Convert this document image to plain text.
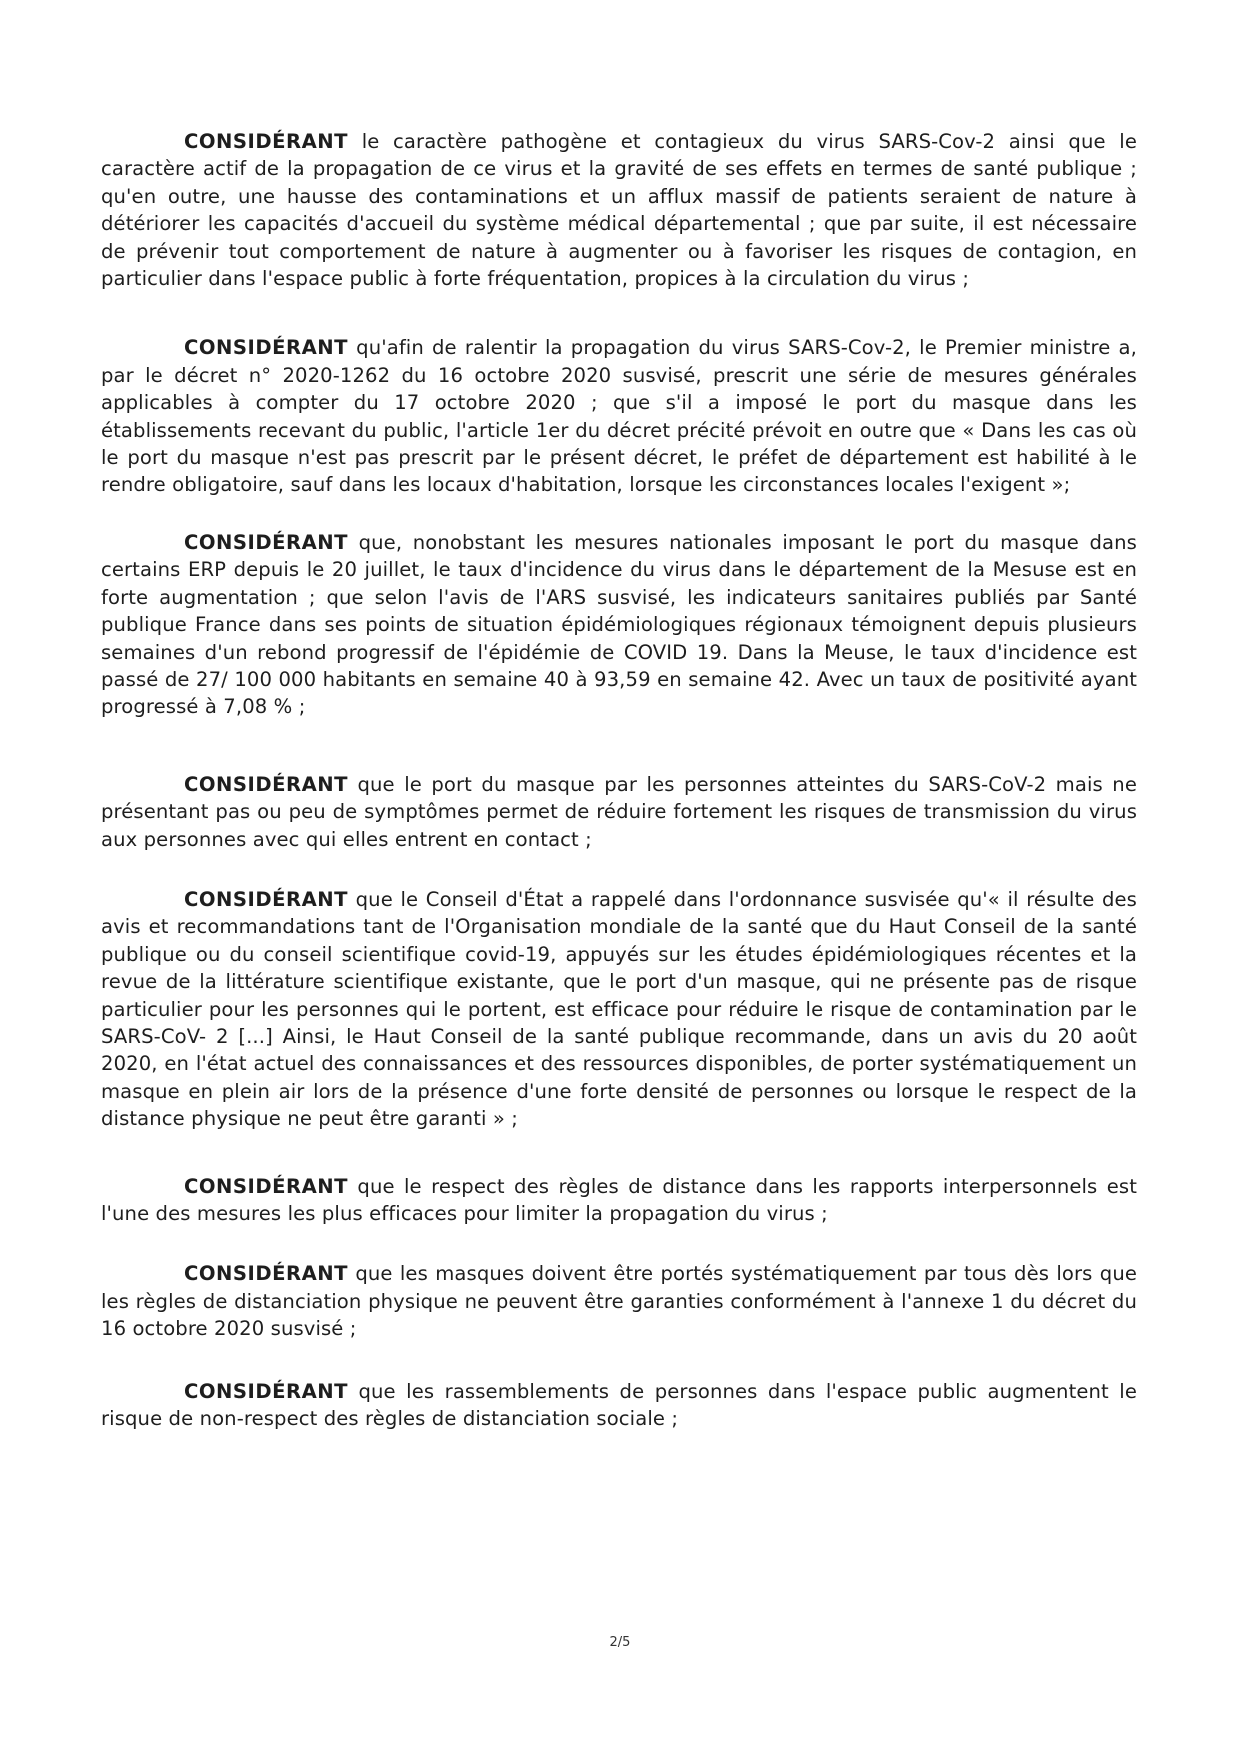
CONSIDÉRANT le caractère pathogène et contagieux du virus SARS-Cov-2 ainsi que le caractère actif de la propagation de ce virus et la gravité de ses effets en termes de santé publique ; qu'en outre, une hausse des contaminations et un afflux massif de patients seraient de nature à détériorer les capacités d'accueil du système médical départemental ; que par suite, il est nécessaire de prévenir tout comportement de nature à augmenter ou à favoriser les risques de contagion, en particulier dans l'espace public à forte fréquentation, propices à la circulation du virus ;

CONSIDÉRANT qu'afin de ralentir la propagation du virus SARS-Cov-2, le Premier ministre a, par le décret n° 2020-1262 du 16 octobre 2020 susvisé, prescrit une série de mesures générales applicables à compter du 17 octobre 2020 ; que s'il a imposé le port du masque dans les établissements recevant du public, l'article 1er du décret précité prévoit en outre que « Dans les cas où le port du masque n'est pas prescrit par le présent décret, le préfet de département est habilité à le rendre obligatoire, sauf dans les locaux d'habitation, lorsque les circonstances locales l'exigent »;

CONSIDÉRANT que, nonobstant les mesures nationales imposant le port du masque dans certains ERP depuis le 20 juillet, le taux d'incidence du virus dans le département de la Mesuse est en forte augmentation ; que selon l'avis de l'ARS susvisé, les indicateurs sanitaires publiés par Santé publique France dans ses points de situation épidémiologiques régionaux témoignent depuis plusieurs semaines d'un rebond progressif de l'épidémie de COVID 19. Dans la Meuse, le taux d'incidence est passé de 27/ 100 000 habitants en semaine 40 à 93,59 en semaine 42. Avec un taux de positivité ayant progressé à 7,08 % ;

CONSIDÉRANT que le port du masque par les personnes atteintes du SARS-CoV-2 mais ne présentant pas ou peu de symptômes permet de réduire fortement les risques de transmission du virus aux personnes avec qui elles entrent en contact ;

CONSIDÉRANT que le Conseil d'État a rappelé dans l'ordonnance susvisée qu'« il résulte des avis et recommandations tant de l'Organisation mondiale de la santé que du Haut Conseil de la santé publique ou du conseil scientifique covid-19, appuyés sur les études épidémiologiques récentes et la revue de la littérature scientifique existante, que le port d'un masque, qui ne présente pas de risque particulier pour les personnes qui le portent, est efficace pour réduire le risque de contamination par le SARS-CoV- 2 [...] Ainsi, le Haut Conseil de la santé publique recommande, dans un avis du 20 août 2020, en l'état actuel des connaissances et des ressources disponibles, de porter systématiquement un masque en plein air lors de la présence d'une forte densité de personnes ou lorsque le respect de la distance physique ne peut être garanti » ;

CONSIDÉRANT que le respect des règles de distance dans les rapports interpersonnels est l'une des mesures les plus efficaces pour limiter la propagation du virus ;

CONSIDÉRANT que les masques doivent être portés systématiquement par tous dès lors que les règles de distanciation physique ne peuvent être garanties conformément à l'annexe 1 du décret du 16 octobre 2020 susvisé ;

CONSIDÉRANT que les rassemblements de personnes dans l'espace public augmentent le risque de non-respect des règles de distanciation sociale ;

2/5
